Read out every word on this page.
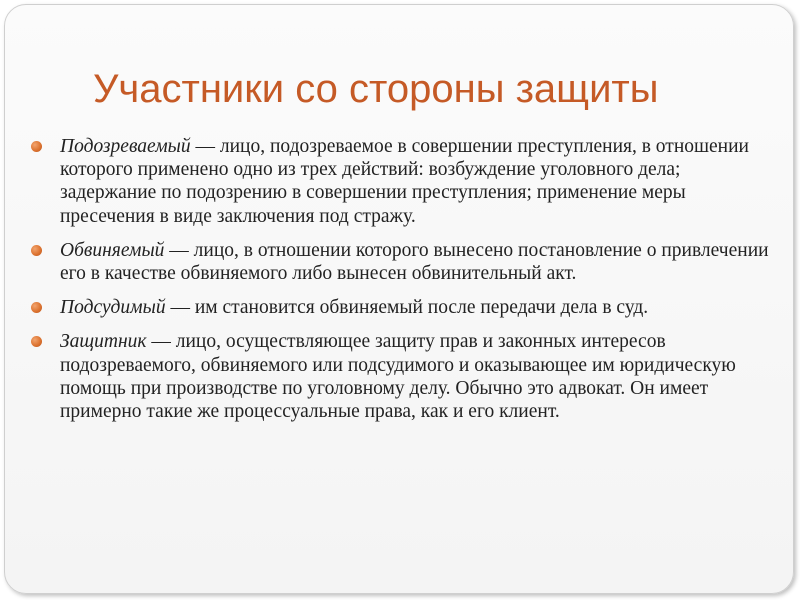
Участники со стороны защиты
Подозреваемый — лицо, подозреваемое в совершении преступления, в отношении которого применено одно из трех действий: возбуждение уголовного дела; задержание по подозрению в совершении преступления; применение меры пресечения в виде заключения под стражу.
Обвиняемый — лицо, в отношении которого вынесено постановление о привлечении его в качестве обвиняемого либо вынесен обвинительный акт.
Подсудимый — им становится обвиняемый после передачи дела в суд.
Защитник — лицо, осуществляющее защиту прав и законных интересов подозреваемого, обвиняемого или подсудимого и оказывающее им юридическую помощь при производстве по уголовному делу. Обычно это адвокат. Он имеет примерно такие же процессуальные права, как и его клиент.
